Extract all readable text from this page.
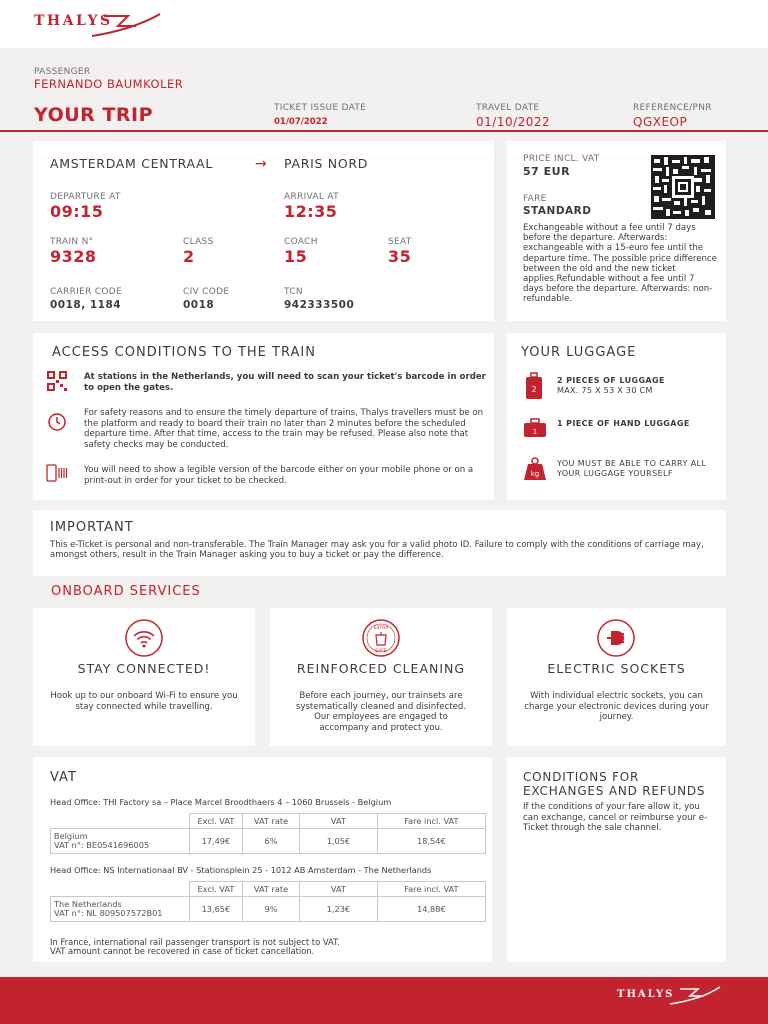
THALYS
PASSENGER
FERNANDO BAUMKOLER
YOUR TRIP	TICKET ISSUE DATE
01/07/2022
TRAVEL DATE
01/10/2022
REFERENCE/PNR
QGXEOP
AMSTERDAM CENTRAAL	→ PARIS NORD
DEPARTURE AT
09:15
ARRIVAL AT
12:35
TRAIN N°
9328
CLASS
2
COACH
15
SEAT
35
CARRIER CODE
0018, 1184
CIV CODE
0018
TCN
942333500
PRICE INCL. VAT
57 EUR
FARE
STANDARD
Exchangeable without a fee until 7 days before the departure. Afterwards: exchangeable with a 15-euro fee until the departure time. The possible price difference between the old and the new ticket applies.Refundable without a fee until 7 days before the departure. Afterwards: non-refundable.
ACCESS CONDITIONS TO THE TRAIN
At stations in the Netherlands, you will need to scan your ticket's barcode in order to open the gates.
For safety reasons and to ensure the timely departure of trains, Thalys travellers must be on the platform and ready to board their train no later than 2 minutes before the scheduled departure time. After that time, access to the train may be refused. Please also note that safety checks may be conducted.
You will need to show a legible version of the barcode either on your mobile phone or on a print-out in order for your ticket to be checked.
YOUR LUGGAGE
2
2 PIECES OF LUGGAGE
MAX. 75 X 53 X 30 CM
1
1 PIECE OF HAND LUGGAGE
kg
YOU MUST BE ABLE TO CARRY ALL YOUR LUGGAGE YOURSELF
IMPORTANT
This e-Ticket is personal and non-transferable. The Train Manager may ask you for a valid photo ID. Failure to comply with the conditions of carriage may, amongst others, result in the Train Manager asking you to buy a ticket or pay the difference.
ONBOARD SERVICES
STAY CONNECTED!
Hook up to our onboard Wi-Fi to ensure you stay connected while travelling.
EXTRA
SAFE
REINFORCED CLEANING
Before each journey, our trainsets are systematically cleaned and disinfected. Our employees are engaged to accompany and protect you.
ELECTRIC SOCKETS
With individual electric sockets, you can charge your electronic devices during your journey.
VAT
Head Office: THI Factory sa – Place Marcel Broodthaers 4 – 1060 Brussels - Belgium
	Excl. VAT	VAT rate	VAT	Fare incl. VAT
Belgium
VAT n°: BE0541696005	17,49€	6%	1,05€	18,54€
Head Office: NS Internationaal BV - Stationsplein 25 - 1012 AB Amsterdam - The Netherlands
	Excl. VAT	VAT rate	VAT	Fare incl. VAT
The Netherlands
VAT n°: NL 809507572B01	13,65€	9%	1,23€	14,88€
In France, international rail passenger transport is not subject to VAT.
VAT amount cannot be recovered in case of ticket cancellation.
CONDITIONS FOR EXCHANGES AND REFUNDS
If the conditions of your fare allow it, you can exchange, cancel or reimburse your e-Ticket through the sale channel.
THALYS
